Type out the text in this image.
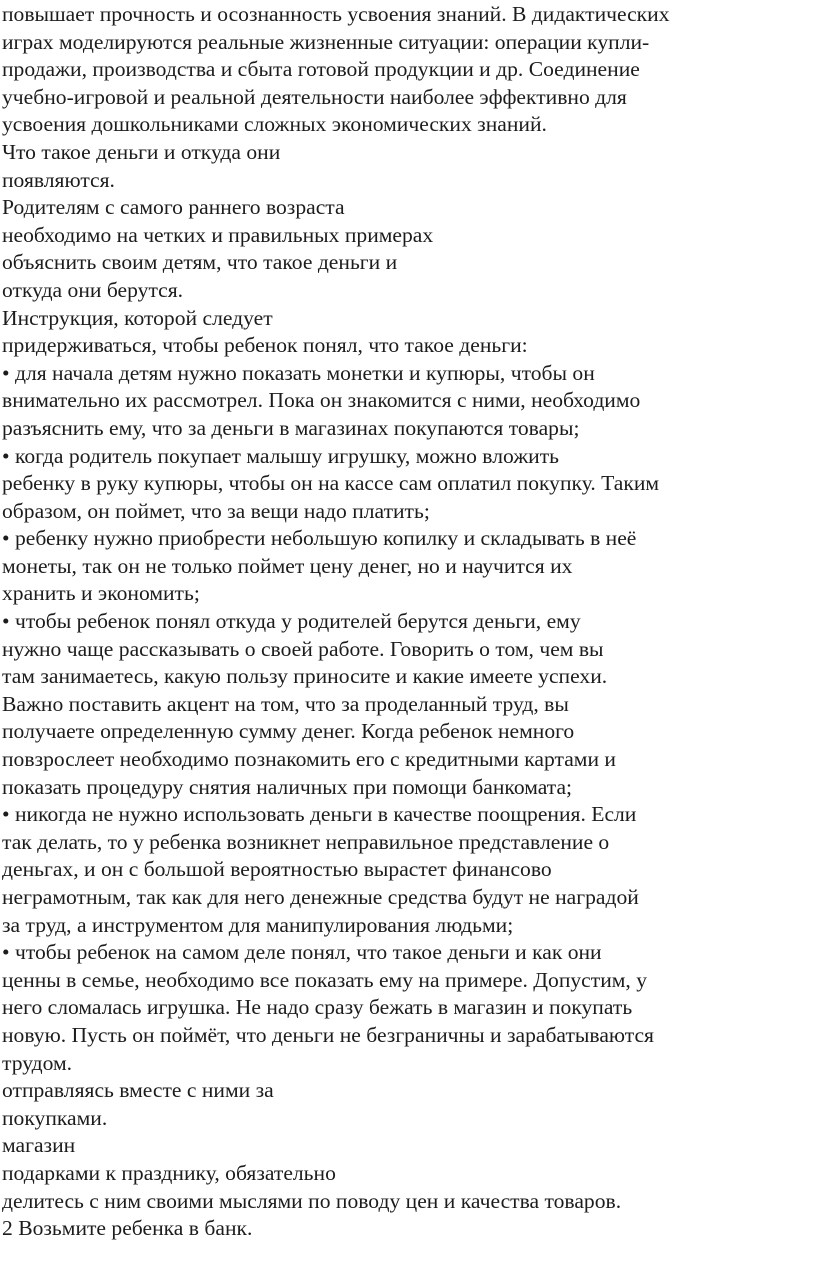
повышает прочность и осознанность усвоения знаний. В дидактических
играх моделируются реальные жизненные ситуации: операции купли-
продажи, производства и сбыта готовой продукции и др. Соединение
учебно-игровой и реальной деятельности наиболее эффективно для
усвоения дошкольниками сложных экономических знаний.
Что такое деньги и откуда они
появляются.
Родителям с самого раннего возраста
необходимо на четких и правильных примерах
объяснить своим детям, что такое деньги и
откуда они берутся.
Инструкция, которой следует
придерживаться, чтобы ребенок понял, что такое деньги:
• для начала детям нужно показать монетки и купюры, чтобы он
внимательно их рассмотрел. Пока он знакомится с ними, необходимо
разъяснить ему, что за деньги в магазинах покупаются товары;
• когда родитель покупает малышу игрушку, можно вложить
ребенку в руку купюры, чтобы он на кассе сам оплатил покупку. Таким
образом, он поймет, что за вещи надо платить;
• ребенку нужно приобрести небольшую копилку и складывать в неё
монеты, так он не только поймет цену денег, но и научится их
хранить и экономить;
• чтобы ребенок понял откуда у родителей берутся деньги, ему
нужно чаще рассказывать о своей работе. Говорить о том, чем вы
там занимаетесь, какую пользу приносите и какие имеете успехи.
Важно поставить акцент на том, что за проделанный труд, вы
получаете определенную сумму денег. Когда ребенок немного
повзрослеет необходимо познакомить его с кредитными картами и
показать процедуру снятия наличных при помощи банкомата;
• никогда не нужно использовать деньги в качестве поощрения. Если
так делать, то у ребенка возникнет неправильное представление о
деньгах, и он с большой вероятностью вырастет финансово
неграмотным, так как для него денежные средства будут не наградой
за труд, а инструментом для манипулирования людьми;
• чтобы ребенок на самом деле понял, что такое деньги и как они
ценны в семье, необходимо все показать ему на примере. Допустим, у
него сломалась игрушка. Не надо сразу бежать в магазин и покупать
новую. Пусть он поймёт, что деньги не безграничны и зарабатываются
трудом.
отправляясь вместе с ними за
покупками.
магазин
подарками к празднику, обязательно
делитесь с ним своими мыслями по поводу цен и качества товаров.
2 Возьмите ребенка в банк.
